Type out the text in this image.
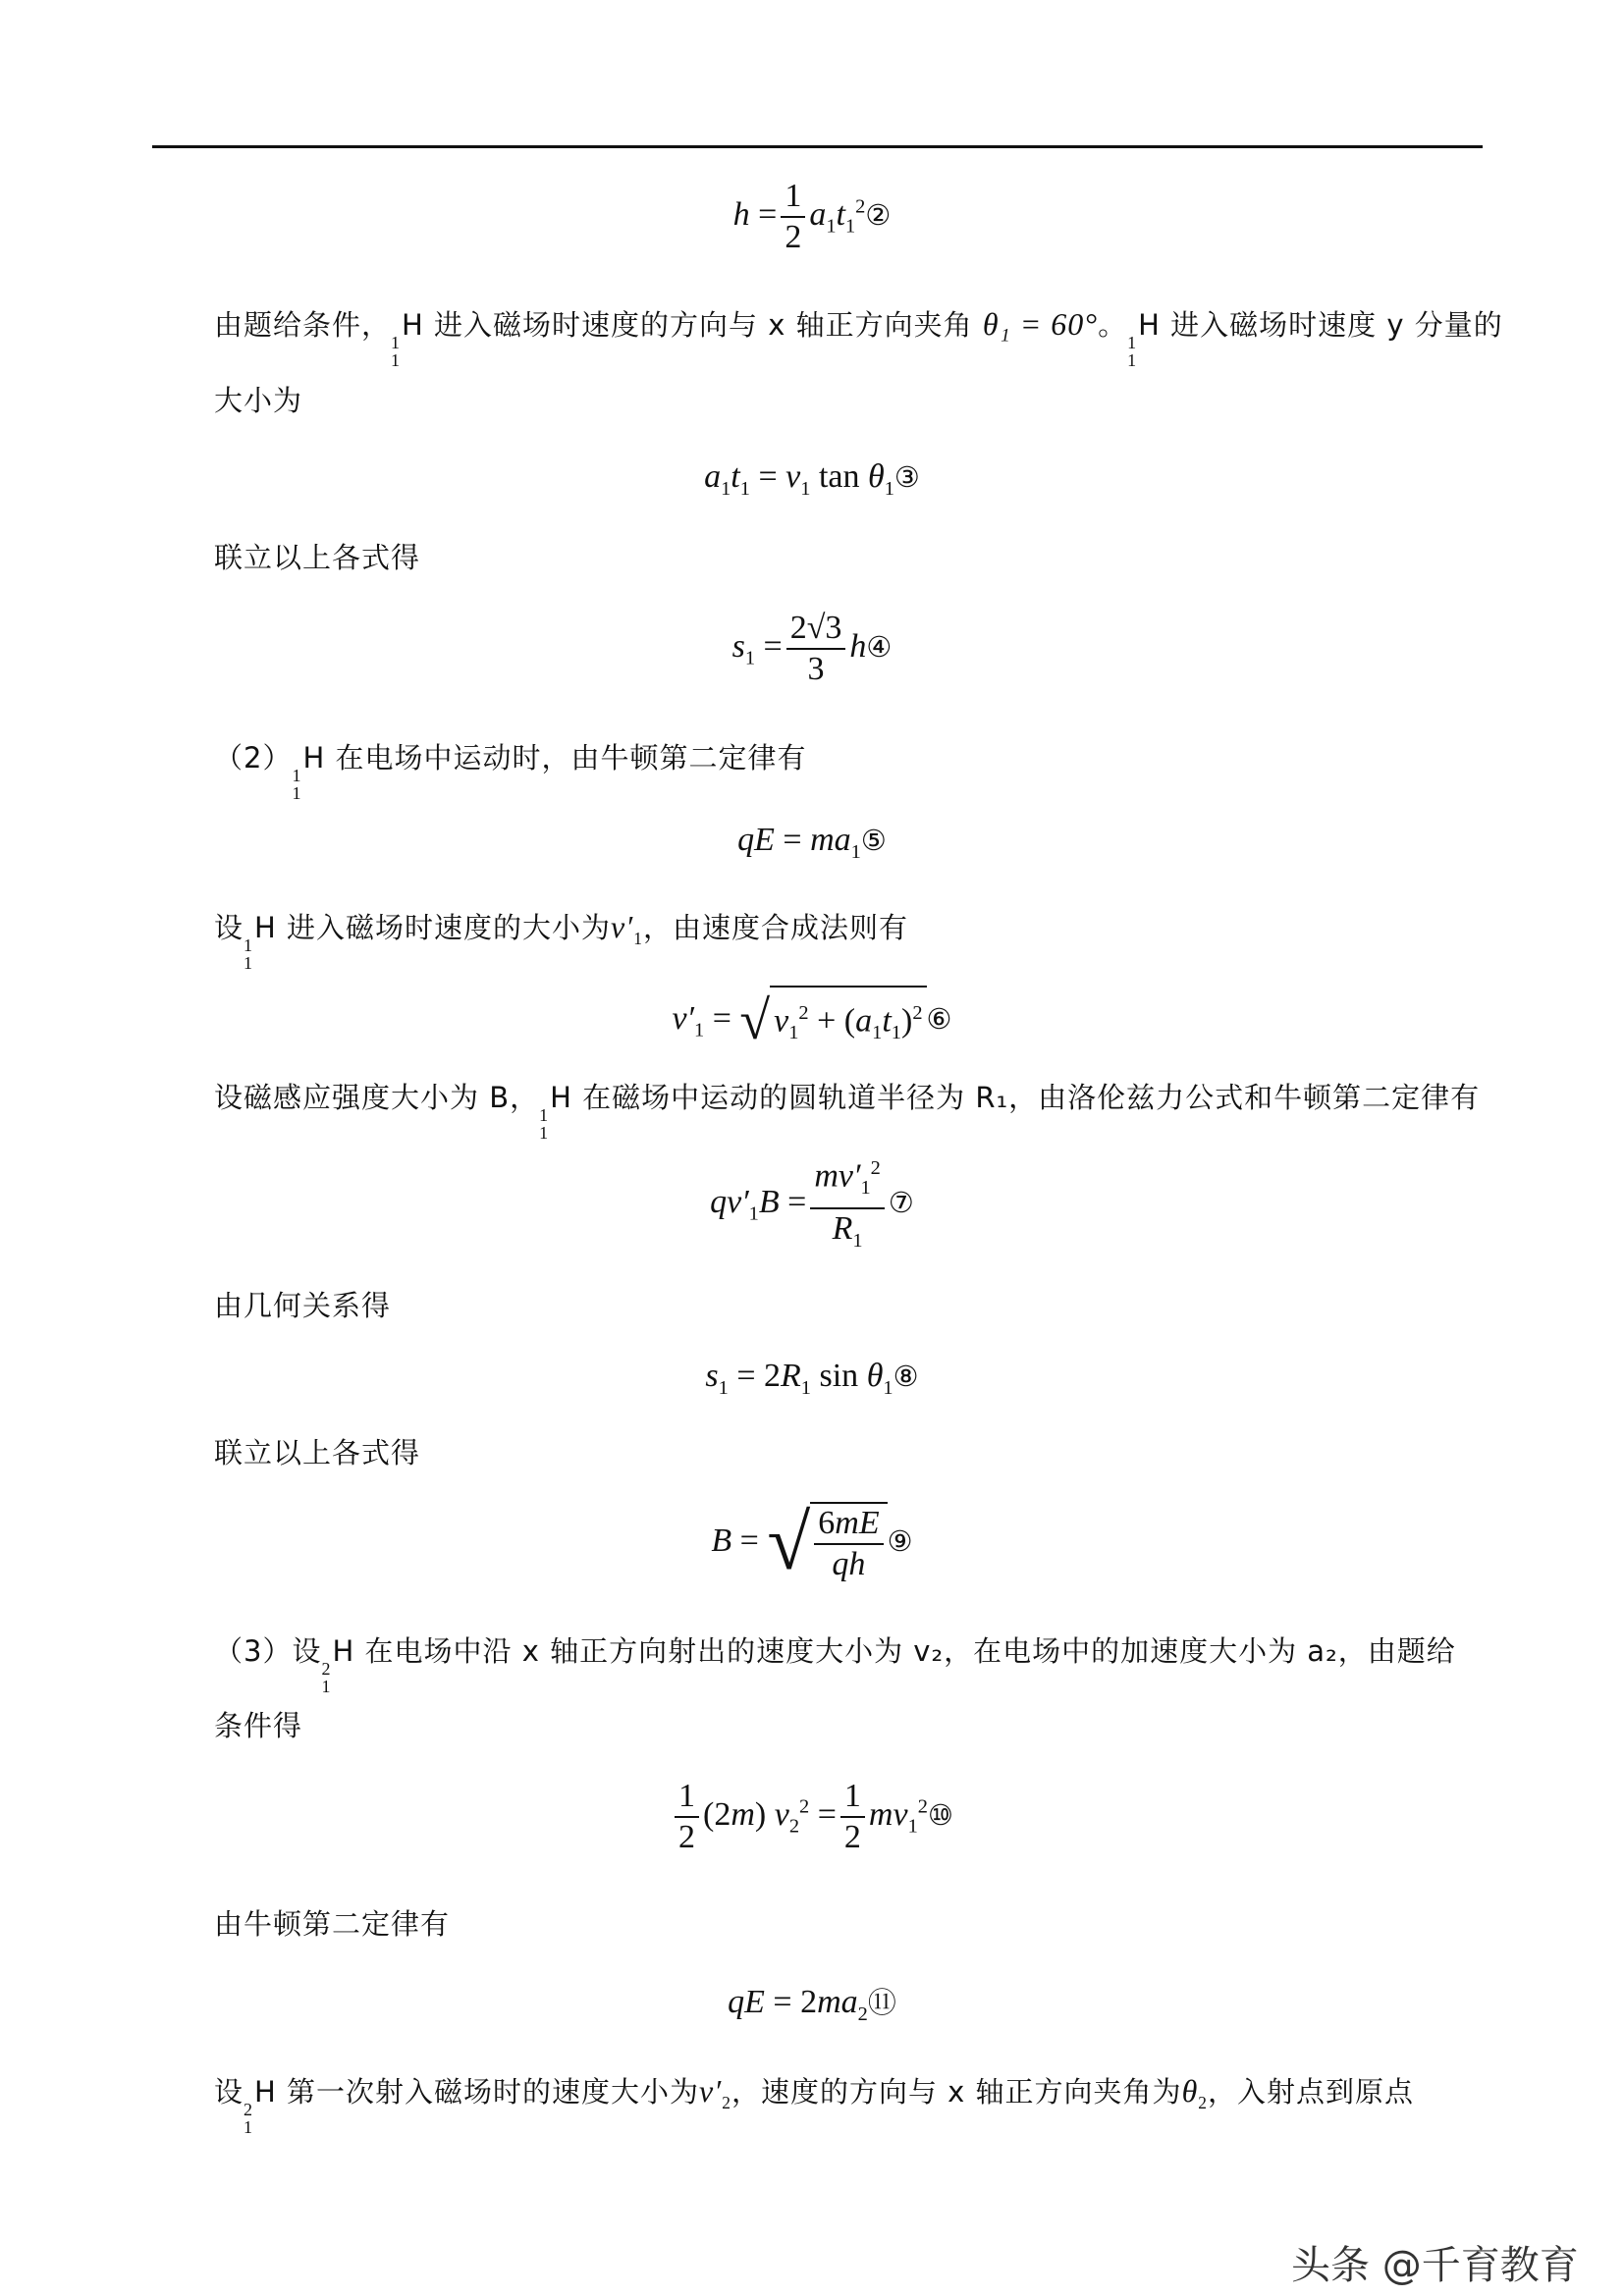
$h = \frac{1}{2}$ $a_1t_1^2②$
由题给条件，
1
1
H 进入磁场时速度的方向与 x 轴正方向夹角 θ₁ = 60°。
1
1
H 进入磁场时速度 y 分量的
大小为
$a_1t_1 = v_1$ $\tan \theta_1③$
联立以上各式得
$s_1 = \frac{2√3}{3}$ h④
（2）
1
1
H 在电场中运动时，由牛顿第二定律有
qE = $ma_1⑤$
设
1
1
H 进入磁场时速度的大小为$v'_1$，由速度合成法则有
$v'_1$ = √ $v_1^2 + (a_1t_1)^2$ ⑥
设磁感应强度大小为 B，
1
1
H 在磁场中运动的圆轨道半径为 R₁，由洛伦兹力公式和牛顿第二定律有
$qv'_1B = \frac{mv'_1^2}{R_1}$ ⑦
由几何关系得
$s_1 = 2R_1$ $\sin \theta_1⑧$
联立以上各式得
B = √ $\frac{6mE}{qh}$ ⑨
（3）设
2
1
H 在电场中沿 x 轴正方向射出的速度大小为 v₂，在电场中的加速度大小为 a₂，由题给
条件得
$\frac{1}{2} (2m) v_2^2 = \frac{1}{2}$ $mv_1^2⑩$
由牛顿第二定律有
qE = $2ma_2⑪$
设
2
1
H 第一次射入磁场时的速度大小为$v'_2$，速度的方向与 x 轴正方向夹角为$\theta_2$，入射点到原点
头条 @千育教育
